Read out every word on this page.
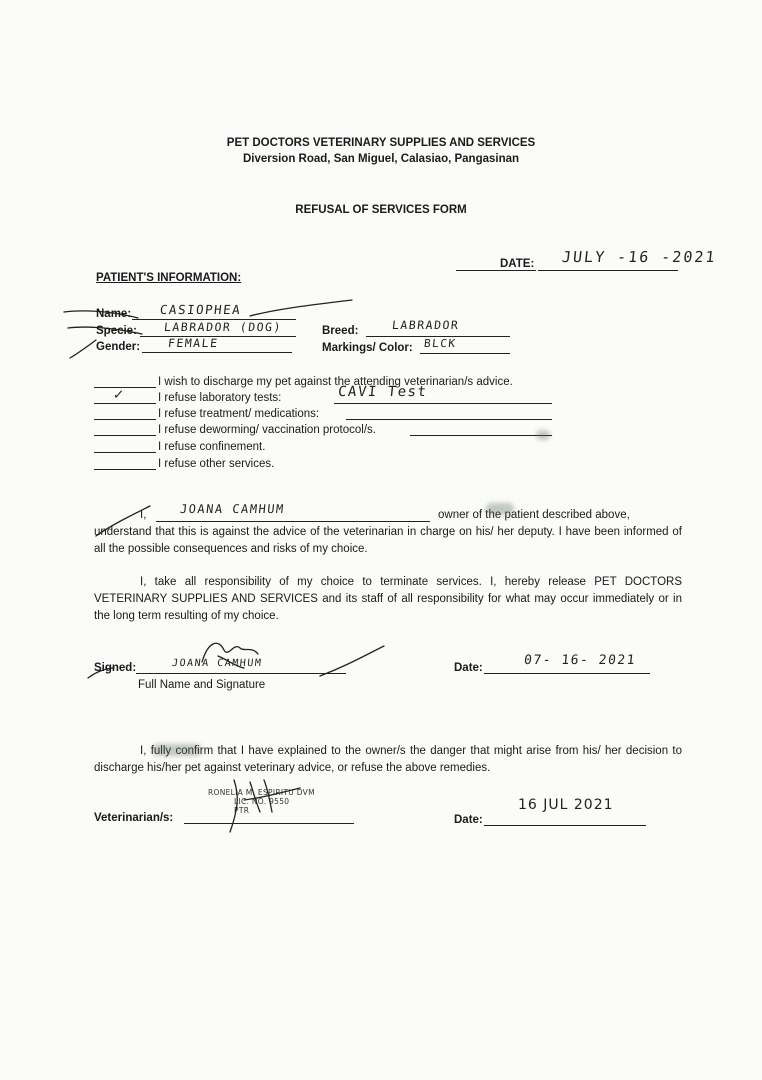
PET DOCTORS VETERINARY SUPPLIES AND SERVICES
Diversion Road, San Miguel, Calasiao, Pangasinan
REFUSAL OF SERVICES FORM
DATE: JULY -16 -2021
PATIENT'S INFORMATION:
Name: CASIOPHEA
Specie: LABRADOR (DOG)
Gender: FEMALE
Breed:	LABRADOR
Markings/ Color: BLCK
I wish to discharge my pet against the attending veterinarian/s advice.
✓	I refuse laboratory tests:	CAVI Test
I refuse treatment/ medications:
I refuse deworming/ vaccination protocol/s.
I refuse confinement.
I refuse other services.
I,	JOANA CAMHUM	owner of the patient described above,
understand that this is against the advice of the veterinarian in charge on his/ her deputy. I have been informed of all the possible consequences and risks of my choice.
I, take all responsibility of my choice to terminate services. I, hereby release PET DOCTORS VETERINARY SUPPLIES AND SERVICES and its staff of all responsibility for what may occur immediately or in the long term resulting of my choice.
Signed:	JOANA CAMHUM
Full Name and Signature
Date:	07- 16- 2021
I, fully confirm that I have explained to the owner/s the danger that might arise from his/ her decision to discharge his/her pet against veterinary advice, or refuse the above remedies.
Veterinarian/s:
RONELIA M. ESPIRITU DVM
LIC. NO. 9550
PTR
Date:
16 JUL 2021
